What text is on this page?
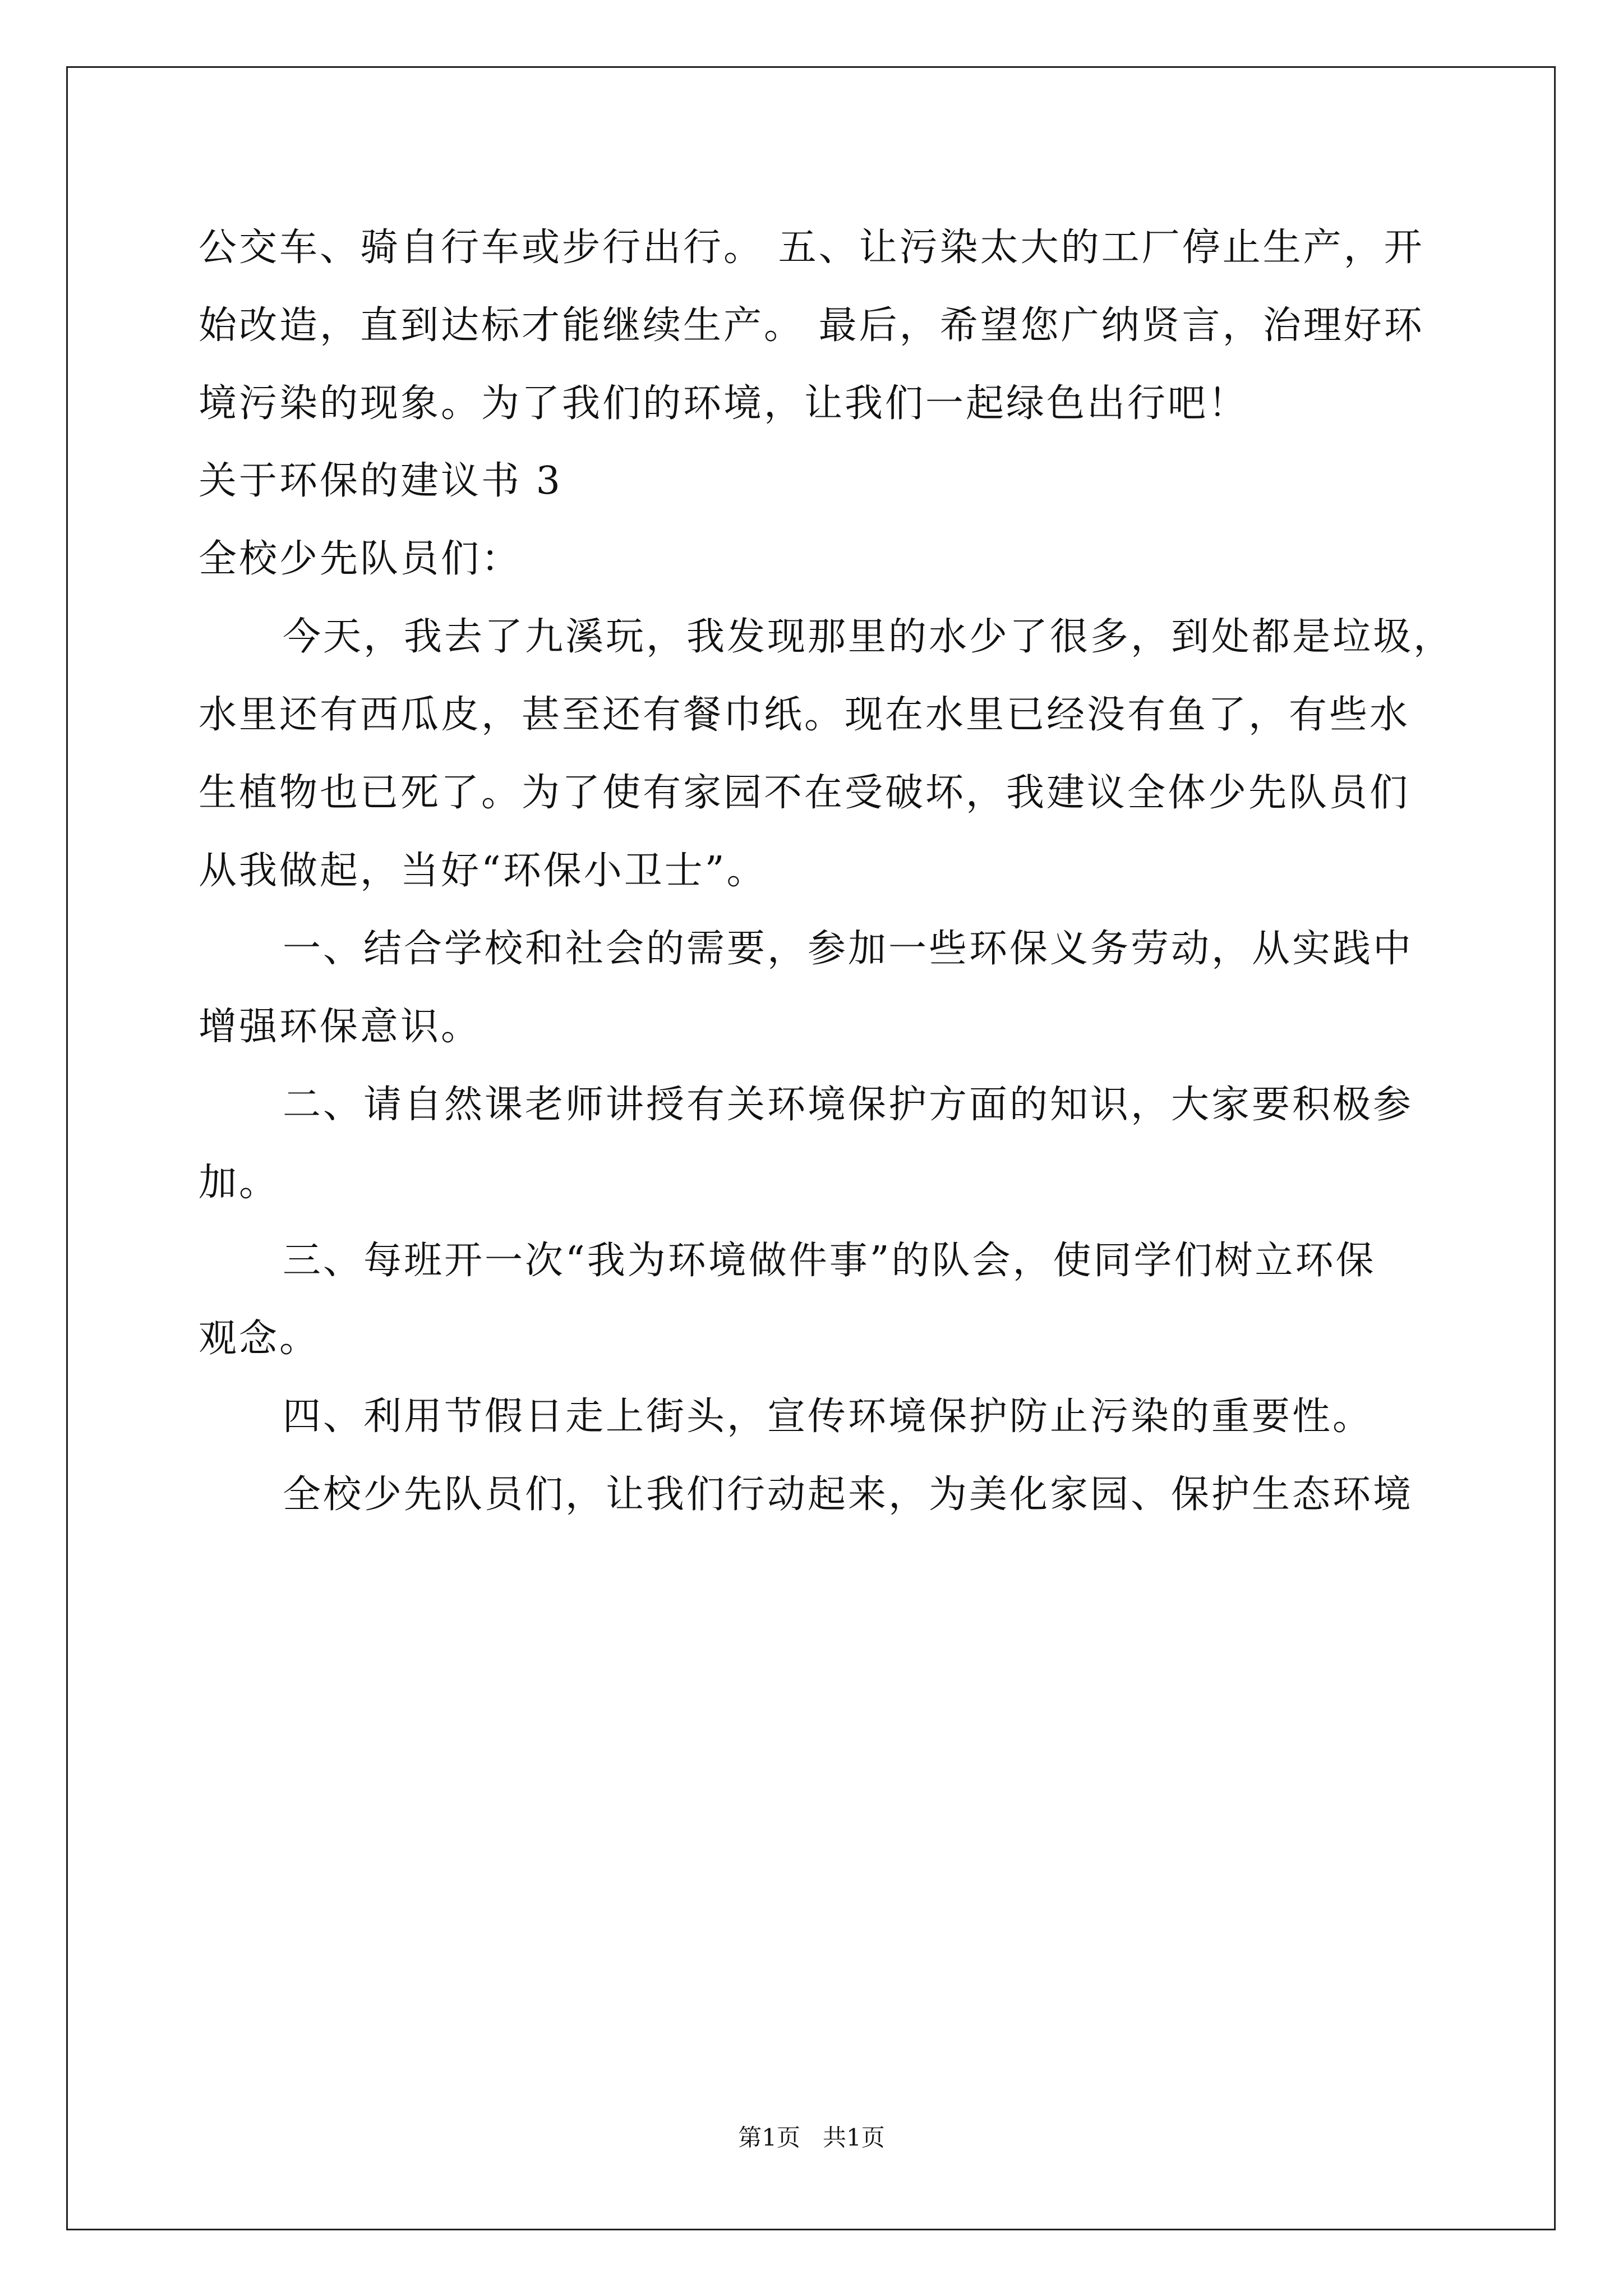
公交车、骑自行车或步行出行。 五、让污染太大的工厂停止生产，开

始改造，直到达标才能继续生产。 最后，希望您广纳贤言，治理好环

境污染的现象。为了我们的环境，让我们一起绿色出行吧！

关于环保的建议书 3

全校少先队员们：

今天，我去了九溪玩，我发现那里的水少了很多，到处都是垃圾，

水里还有西瓜皮，甚至还有餐巾纸。现在水里已经没有鱼了，有些水

生植物也已死了。为了使有家园不在受破坏，我建议全体少先队员们

从我做起，当好“环保小卫士”。

一、结合学校和社会的需要，参加一些环保义务劳动，从实践中

增强环保意识。

二、请自然课老师讲授有关环境保护方面的知识，大家要积极参

加。

三、每班开一次“我为环境做件事”的队会，使同学们树立环保

观念。

四、利用节假日走上街头，宣传环境保护防止污染的重要性。

全校少先队员们，让我们行动起来，为美化家园、保护生态环境

第1页   共1页
